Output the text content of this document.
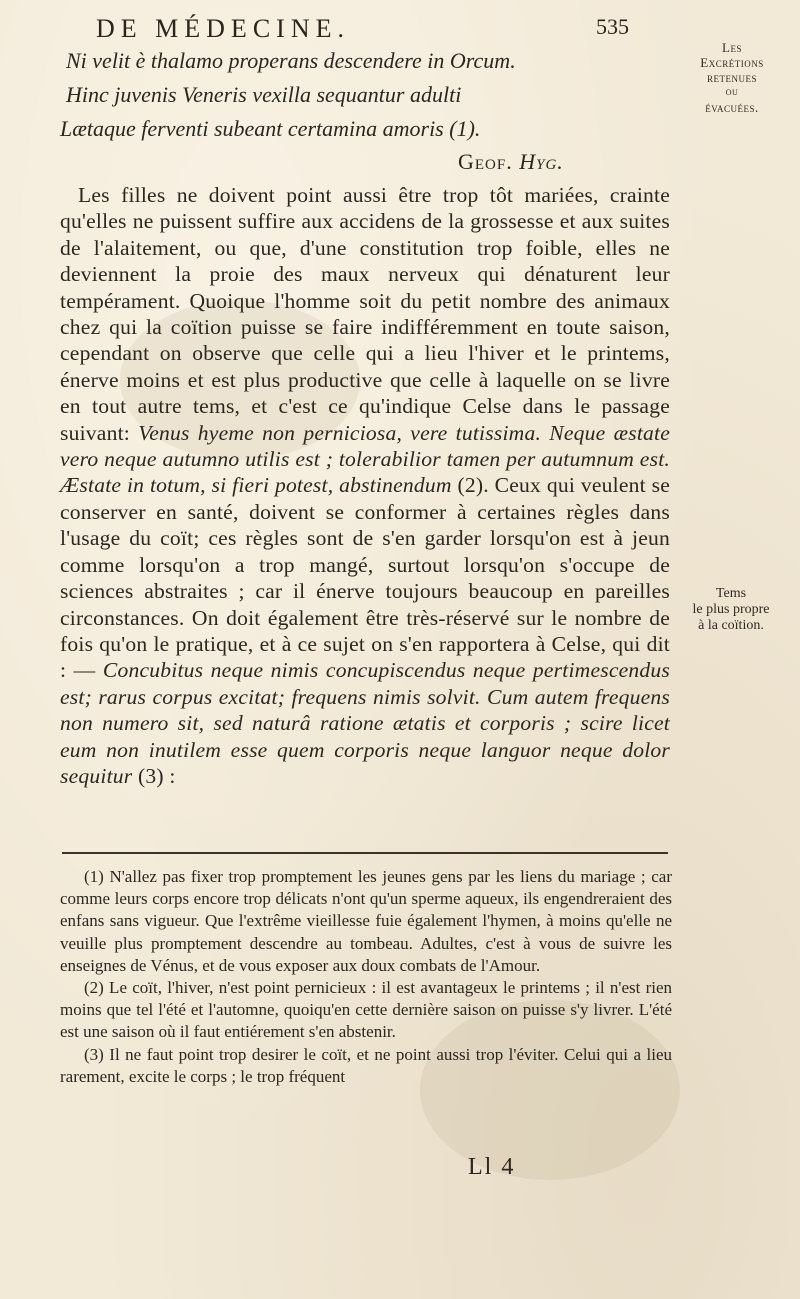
DE MÉDECINE.	535

Ni velit è thalamo properans descendere in Orcum.

Hinc juvenis Veneris vexilla sequantur adulti

Lætaque ferventi subeant certamina amoris (1).

Geof. Hyg.

Les filles ne doivent point aussi être trop tôt mariées, crainte qu'elles ne puissent suffire aux accidens de la grossesse et aux suites de l'alaitement, ou que, d'une constitution trop foible, elles ne deviennent la proie des maux nerveux qui dénaturent leur tempérament. Quoique l'homme soit du petit nombre des animaux chez qui la coïtion puisse se faire indifféremment en toute saison, cependant on observe que celle qui a lieu l'hiver et le printems, énerve moins et est plus productive que celle à laquelle on se livre en tout autre tems, et c'est ce qu'indique Celse dans le passage suivant: Venus hyeme non perniciosa, vere tutissima. Neque æstate vero neque autumno utilis est ; tolerabilior tamen per autumnum est. Æstate in totum, si fieri potest, abstinendum (2). Ceux qui veulent se conserver en santé, doivent se conformer à certaines règles dans l'usage du coït; ces règles sont de s'en garder lorsqu'on est à jeun comme lorsqu'on a trop mangé, surtout lorsqu'on s'occupe de sciences abstraites ; car il énerve toujours beaucoup en pareilles circonstances. On doit également être très-réservé sur le nombre de fois qu'on le pratique, et à ce sujet on s'en rapportera à Celse, qui dit : — Concubitus neque nimis concupiscendus neque pertimescendus est; rarus corpus excitat; frequens nimis solvit. Cum autem frequens non numero sit, sed naturâ ratione ætatis et corporis ; scire licet eum non inutilem esse quem corporis neque languor neque dolor sequitur (3) :

(1) N'allez pas fixer trop promptement les jeunes gens par les liens du mariage ; car comme leurs corps encore trop délicats n'ont qu'un sperme aqueux, ils engendreraient des enfans sans vigueur. Que l'extrême vieillesse fuie également l'hymen, à moins qu'elle ne veuille plus promptement descendre au tombeau. Adultes, c'est à vous de suivre les enseignes de Vénus, et de vous exposer aux doux combats de l'Amour.

(2) Le coït, l'hiver, n'est point pernicieux : il est avantageux le printems ; il n'est rien moins que tel l'été et l'automne, quoiqu'en cette dernière saison on puisse s'y livrer. L'été est une saison où il faut entiérement s'en abstenir.

(3) Il ne faut point trop desirer le coït, et ne point aussi trop l'éviter. Celui qui a lieu rarement, excite le corps ; le trop fréquent

Ll 4
Les
Excrétions
retenues
ou
évacuées.
Tems
le plus propre
à la coïtion.
